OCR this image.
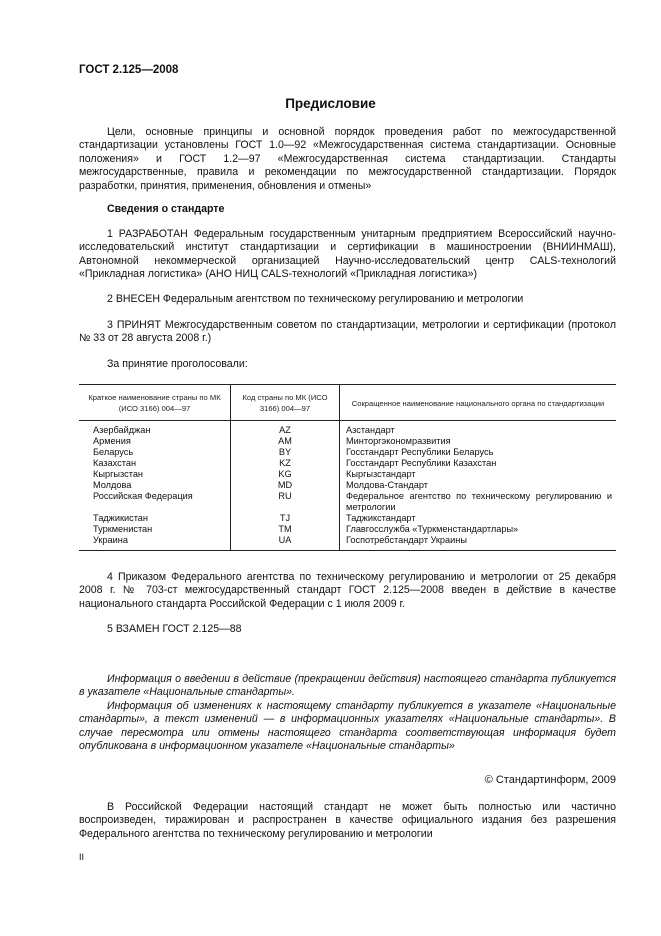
ГОСТ 2.125—2008
Предисловие

Цели, основные принципы и основной порядок проведения работ по межгосударственной стандартизации установлены ГОСТ 1.0—92 «Межгосударственная система стандартизации. Основные положения» и ГОСТ 1.2—97 «Межгосударственная система стандартизации. Стандарты межгосударственные, правила и рекомендации по межгосударственной стандартизации. Порядок разработки, принятия, применения, обновления и отмены»

Сведения о стандарте

1 РАЗРАБОТАН Федеральным государственным унитарным предприятием Всероссийский научно-исследовательский институт стандартизации и сертификации в машиностроении (ВНИИНМАШ), Автономной некоммерческой организацией Научно-исследовательский центр CALS-технологий «Прикладная логистика» (АНО НИЦ CALS-технологий «Прикладная логистика»)

2 ВНЕСЕН Федеральным агентством по техническому регулированию и метрологии

3 ПРИНЯТ Межгосударственным советом по стандартизации, метрологии и сертификации (протокол № 33 от 28 августа 2008 г.)

За принятие проголосовали:

Краткое наименование страны по МК (ИСО 3166) 004—97	Код страны по МК (ИСО 3166) 004—97	Сокращенное наименование национального органа по стандартизации
Азербайджан	AZ	Азстандарт
Армения	AM	Минторгэкономразвития
Беларусь	BY	Госстандарт Республики Беларусь
Казахстан	KZ	Госстандарт Республики Казахстан
Кыргызстан	KG	Кыргызстандарт
Молдова	MD	Молдова-Стандарт
Российская Федерация	RU	Федеральное агентство по техническому регулированию и метрологии
Таджикистан	TJ	Таджикстандарт
Туркменистан	TM	Главгосслужба «Туркменстандартлары»
Украина	UA	Госпотребстандарт Украины

4 Приказом Федерального агентства по техническому регулированию и метрологии от 25 декабря 2008 г. № 703-ст межгосударственный стандарт ГОСТ 2.125—2008 введен в действие в качестве национального стандарта Российской Федерации с 1 июля 2009 г.

5 ВЗАМЕН ГОСТ 2.125—88

Информация о введении в действие (прекращении действия) настоящего стандарта публикуется в указателе «Национальные стандарты».

Информация об изменениях к настоящему стандарту публикуется в указателе «Национальные стандарты», а текст изменений — в информационных указателях «Национальные стандарты». В случае пересмотра или отмены настоящего стандарта соответствующая информация будет опубликована в информационном указателе «Национальные стандарты»

© Стандартинформ, 2009

В Российской Федерации настоящий стандарт не может быть полностью или частично воспроизведен, тиражирован и распространен в качестве официального издания без разрешения Федерального агентства по техническому регулированию и метрологии

II
